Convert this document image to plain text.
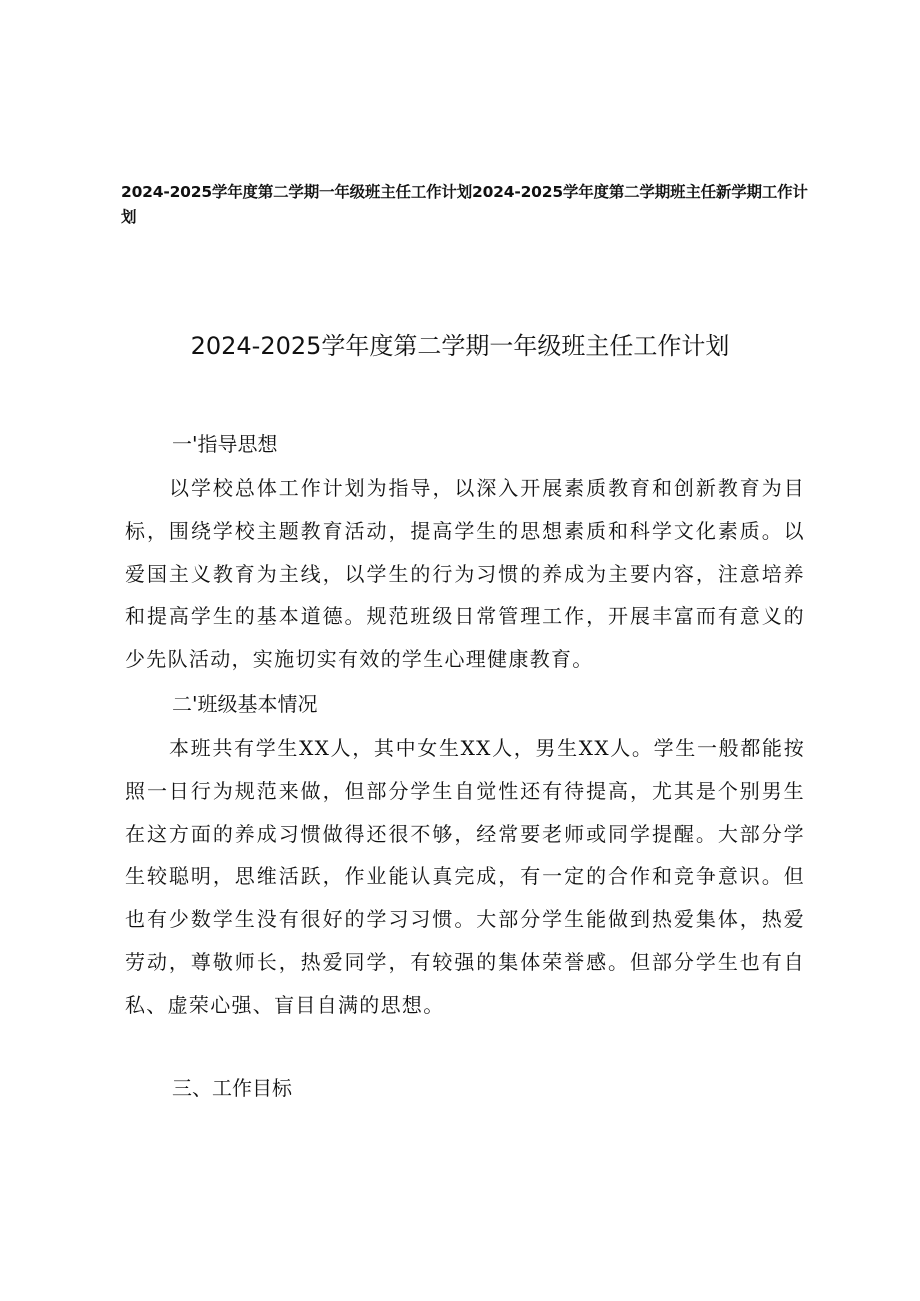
2024-2025学年度第二学期一年级班主任工作计划2024-2025学年度第二学期班主任新学期工作计划

2024-2025学年度第二学期一年级班主任工作计划
一'指导思想

以学校总体工作计划为指导，以深入开展素质教育和创新教育为目标，围绕学校主题教育活动，提高学生的思想素质和科学文化素质。以爱国主义教育为主线，以学生的行为习惯的养成为主要内容，注意培养和提高学生的基本道德。规范班级日常管理工作，开展丰富而有意义的少先队活动，实施切实有效的学生心理健康教育。

二'班级基本情况

本班共有学生XX人，其中女生XX人，男生XX人。学生一般都能按照一日行为规范来做，但部分学生自觉性还有待提高，尤其是个别男生在这方面的养成习惯做得还很不够，经常要老师或同学提醒。大部分学生较聪明，思维活跃，作业能认真完成，有一定的合作和竞争意识。但也有少数学生没有很好的学习习惯。大部分学生能做到热爱集体，热爱劳动，尊敬师长，热爱同学，有较强的集体荣誉感。但部分学生也有自私、虚荣心强、盲目自满的思想。

三、工作目标
